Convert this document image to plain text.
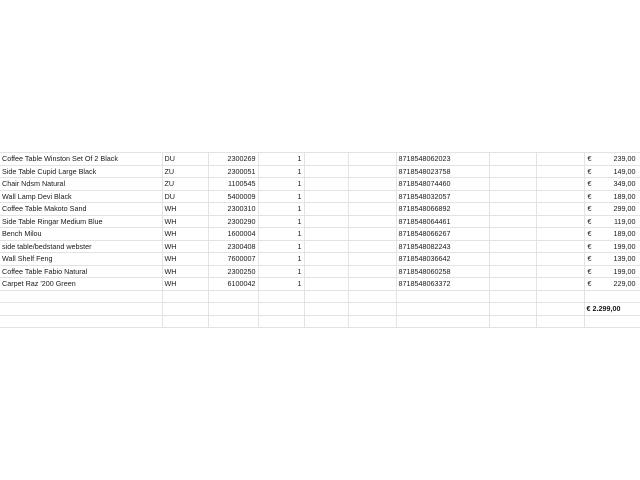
Coffee Table Winston Set Of 2 Black	DU	2300269	1			8718548062023			€ 239,00

Side Table Cupid Large Black	ZU	2300051	1			8718548023758			€ 149,00

Chair Ndsm Natural	ZU	1100545	1			8718548074460			€ 349,00

Wall Lamp Devi Black	DU	5400009	1			8718548032057			€ 189,00

Coffee Table Makoto Sand	WH	2300310	1			8718548066892			€ 299,00

Side Table Ringar Medium Blue	WH	2300290	1			8718548064461			€ 119,00

Bench Milou	WH	1600004	1			8718548066267			€ 189,00

side table/bedstand webster	WH	2300408	1			8718548082243			€ 199,00

Wall Shelf Feng	WH	7600007	1			8718548036642			€ 139,00

Coffee Table Fabio Natural	WH	2300250	1			8718548060258			€ 199,00

Carpet Raz '200 Green	WH	6100042	1			8718548063372			€ 229,00

									€ 2.299,00
